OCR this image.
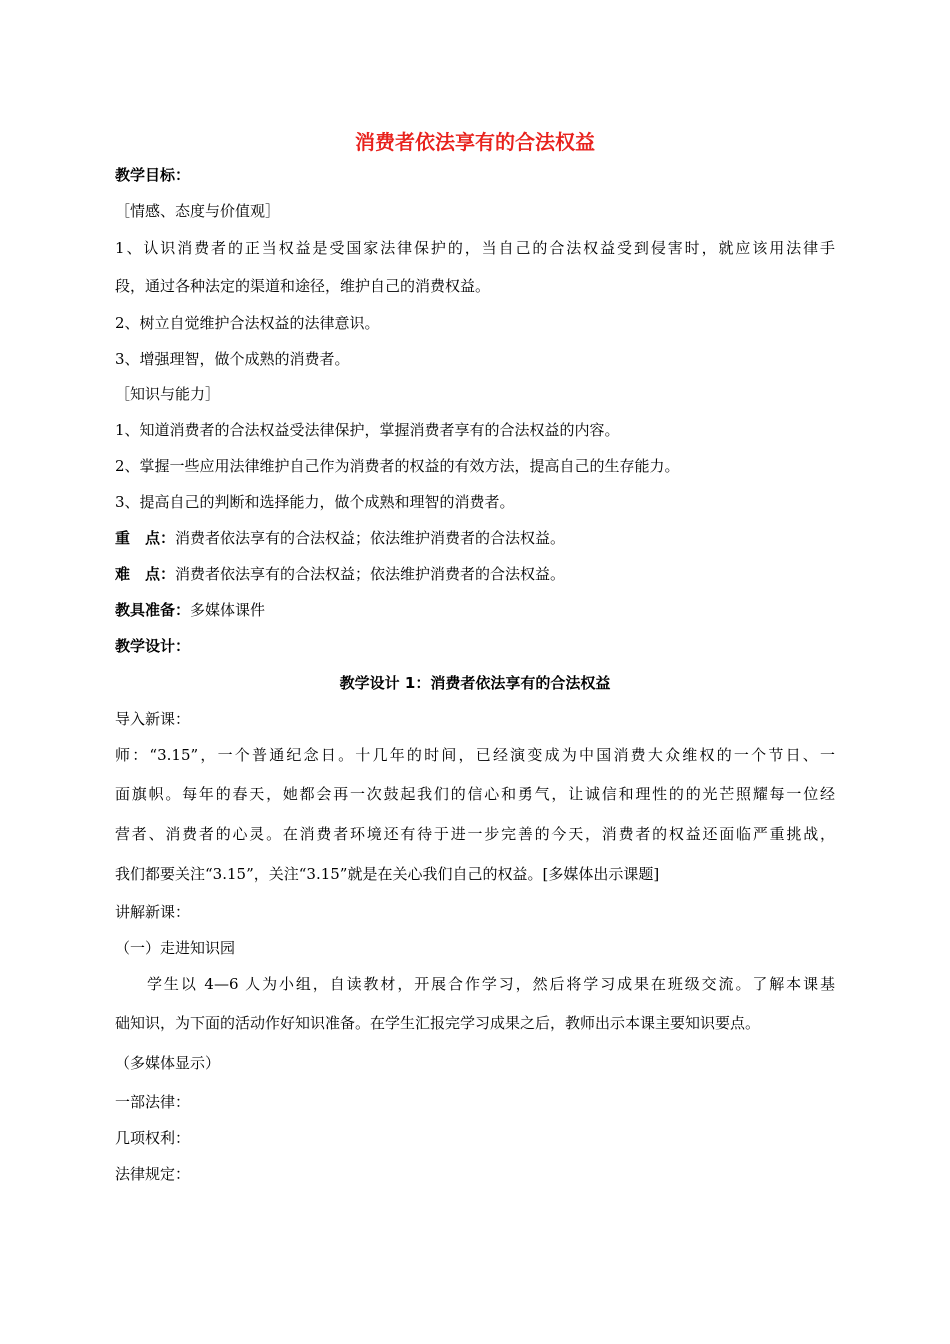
消费者依法享有的合法权益
教学目标：
［情感、态度与价值观］
1、认识消费者的正当权益是受国家法律保护的，当自己的合法权益受到侵害时，就应该用法律手
段，通过各种法定的渠道和途径，维护自己的消费权益。
2、树立自觉维护合法权益的法律意识。
3、增强理智，做个成熟的消费者。
［知识与能力］
1、知道消费者的合法权益受法律保护，掌握消费者享有的合法权益的内容。
2、掌握一些应用法律维护自己作为消费者的权益的有效方法，提高自己的生存能力。
3、提高自己的判断和选择能力，做个成熟和理智的消费者。
重　点：消费者依法享有的合法权益；依法维护消费者的合法权益。
难　点：消费者依法享有的合法权益；依法维护消费者的合法权益。
教具准备：多媒体课件
教学设计：
教学设计 1：消费者依法享有的合法权益
导入新课：
师：“3.15”，一个普通纪念日。十几年的时间，已经演变成为中国消费大众维权的一个节日、一
面旗帜。每年的春天，她都会再一次鼓起我们的信心和勇气，让诚信和理性的的光芒照耀每一位经
营者、消费者的心灵。在消费者环境还有待于进一步完善的今天，消费者的权益还面临严重挑战，
我们都要关注“3.15”，关注“3.15”就是在关心我们自己的权益。[多媒体出示课题]
讲解新课：
（一）走进知识园
学生以 4—6 人为小组，自读教材，开展合作学习，然后将学习成果在班级交流。了解本课基
础知识，为下面的活动作好知识准备。在学生汇报完学习成果之后，教师出示本课主要知识要点。
（多媒体显示）
一部法律：
几项权利：
法律规定：
